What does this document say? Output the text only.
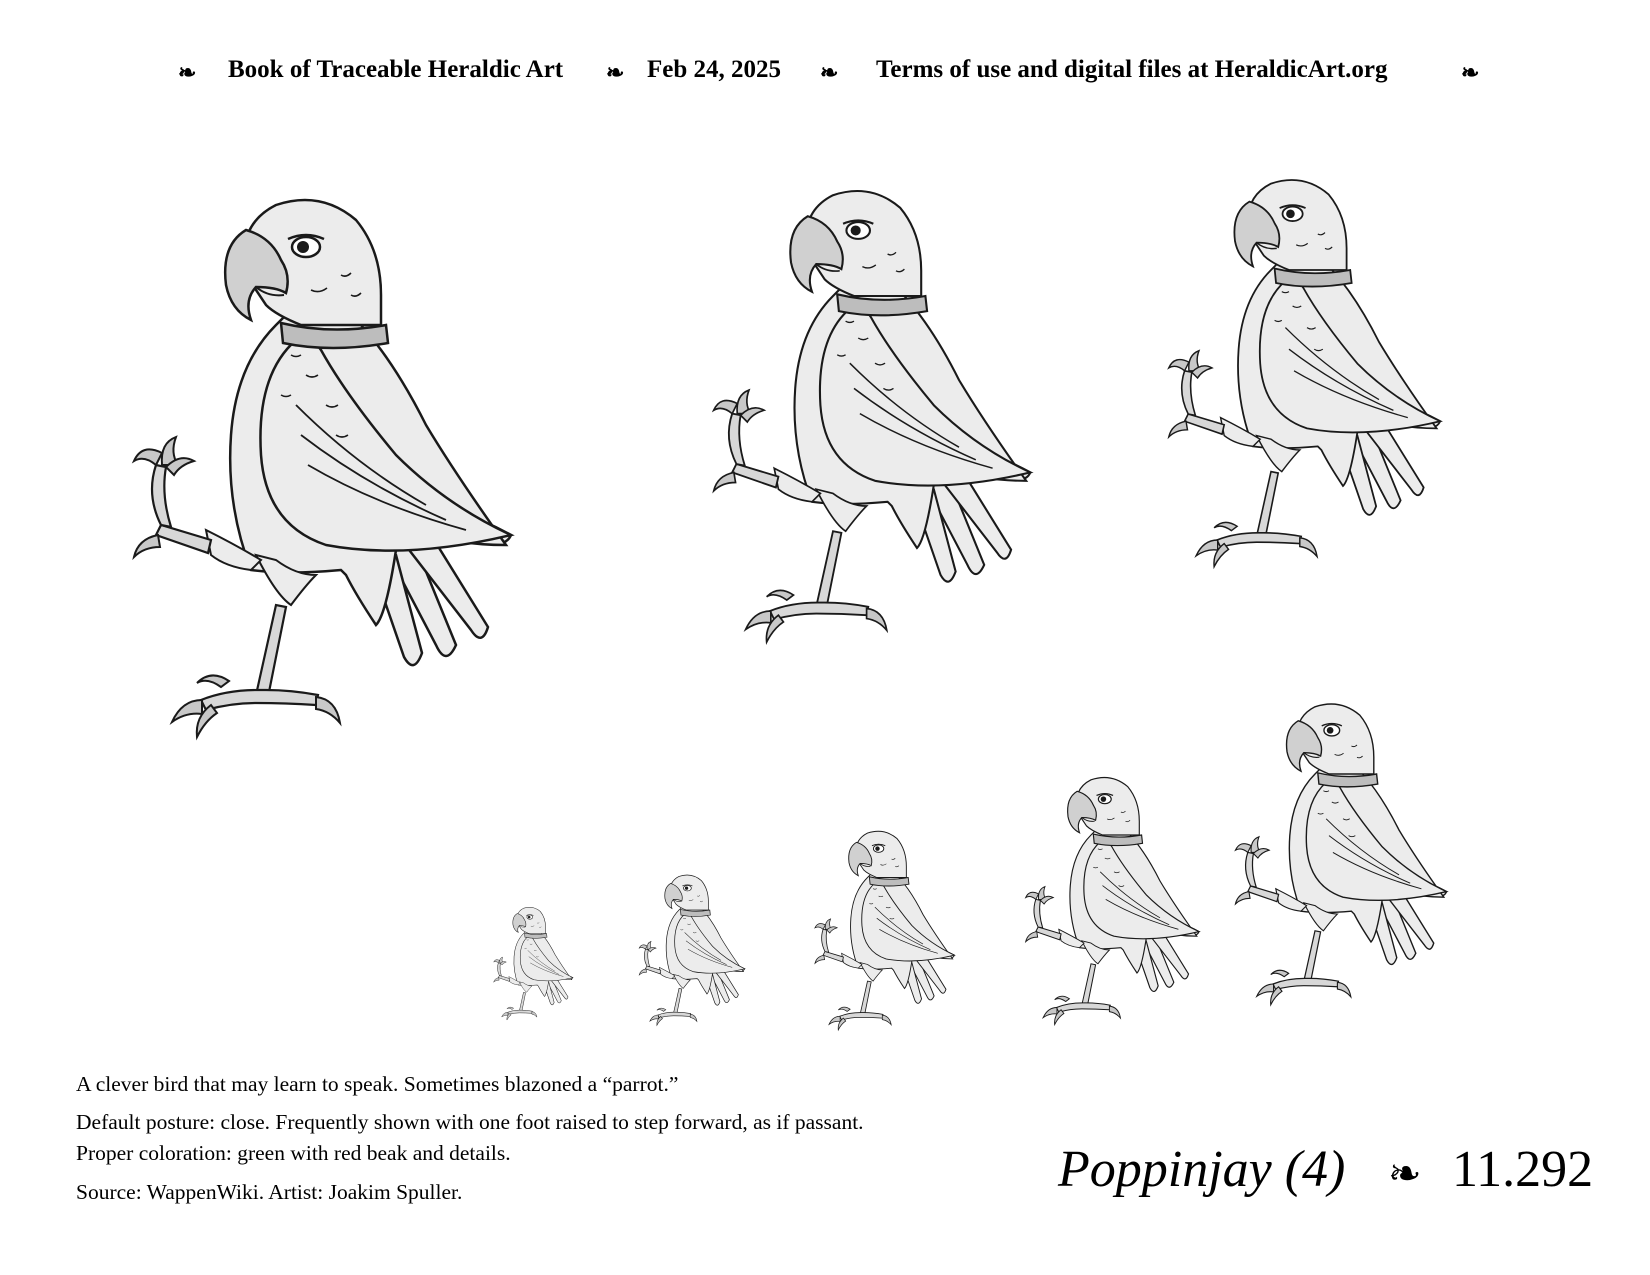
❧ Book of Traceable Heraldic Art ❧ Feb 24, 2025 ❧ Terms of use and digital files at HeraldicArt.org	❧
A clever bird that may learn to speak. Sometimes blazoned a “parrot.”
Default posture: close. Frequently shown with one foot raised to step forward, as if passant.
Proper coloration: green with red beak and details.
Source: WappenWiki. Artist: Joakim Spuller.	Poppinjay (4) ❧ 11.292
